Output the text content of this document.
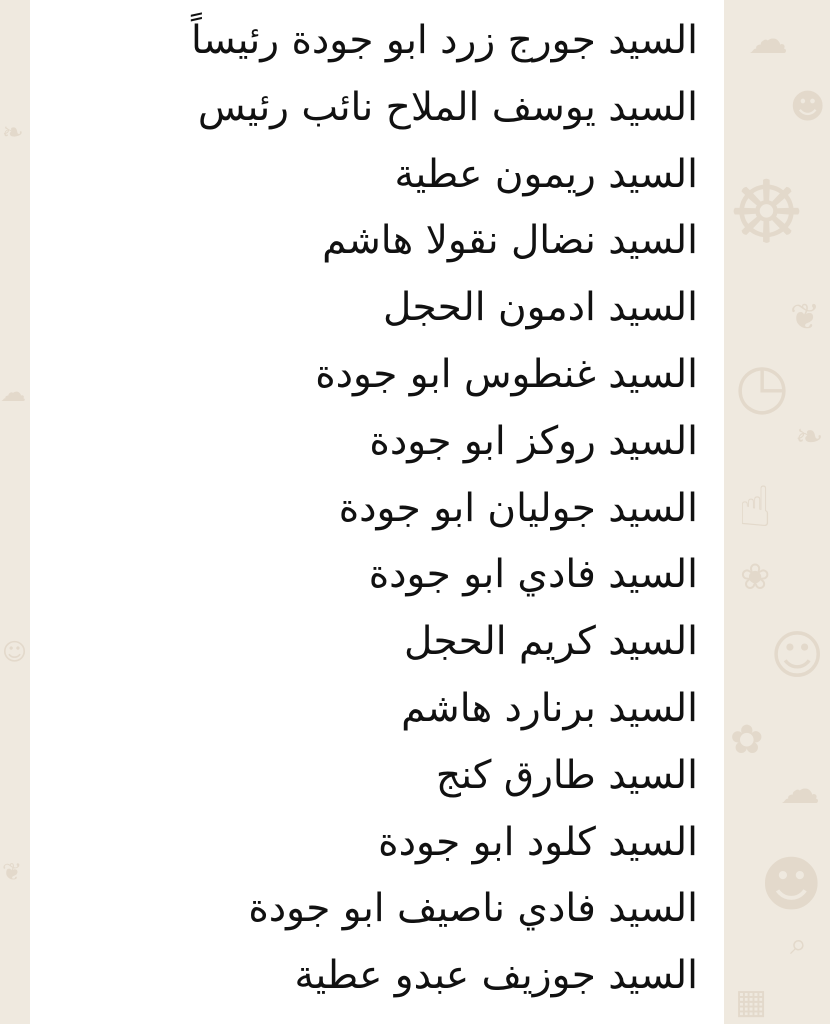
❧
☁
☺
❦
☁
☻
☸
❦
◷
❧
☝
❀
☺
✿
☁
☻
⌕
▦
السيد جورج زرد ابو جودة رئيساً
السيد يوسف الملاح نائب رئيس
السيد ريمون عطية
السيد نضال نقولا هاشم
السيد ادمون الحجل
السيد غنطوس ابو جودة
السيد روكز ابو جودة
السيد جوليان ابو جودة
السيد فادي ابو جودة
السيد كريم الحجل
السيد برنارد هاشم
السيد طارق كنج
السيد كلود ابو جودة
السيد فادي ناصيف ابو جودة
السيد جوزيف عبدو عطية
